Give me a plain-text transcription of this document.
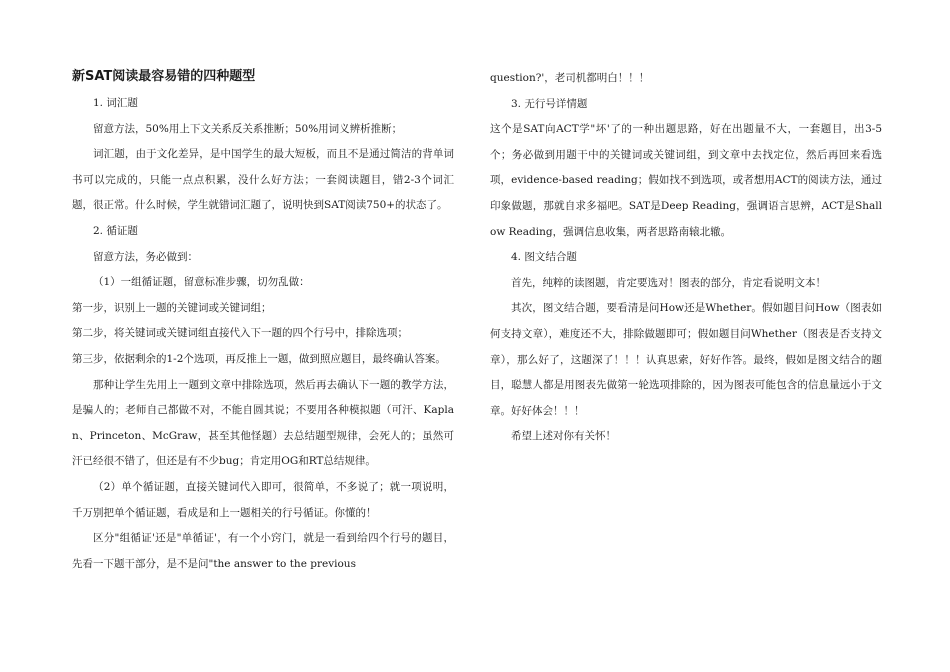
新SAT阅读最容易错的四种题型

1. 词汇题

留意方法，50%用上下文关系反关系推断；50%用词义辨析推断；

词汇题，由于文化差异，是中国学生的最大短板，而且不是通过简洁的背单词书可以完成的，只能一点点积累，没什么好方法；一套阅读题目，错2-3个词汇题，很正常。什么时候，学生就错词汇题了，说明快到SAT阅读750+的状态了。

2. 循证题

留意方法，务必做到：

（1）一组循证题，留意标准步骤，切勿乱做：

第一步，识别上一题的关键词或关键词组；

第二步，将关键词或关键词组直接代入下一题的四个行号中，排除选项；

第三步，依据剩余的1-2个选项，再反推上一题，做到照应题目，最终确认答案。

那种让学生先用上一题到文章中排除选项，然后再去确认下一题的教学方法，是骗人的；老师自己都做不对，不能自圆其说；不要用各种模拟题（可汗、Kaplan、Princeton、McGraw，甚至其他怪题）去总结题型规律，会死人的；虽然可汗已经很不错了，但还是有不少bug；肯定用OG和RT总结规律。

（2）单个循证题，直接关键词代入即可，很简单，不多说了；就一项说明，千万别把单个循证题，看成是和上一题相关的行号循证。你懂的！

区分"组循证'还是"单循证'，有一个小窍门，就是一看到给四个行号的题目，先看一下题干部分，是不是问"the answer to the previous

question?'，老司机都明白！！！

3. 无行号详情题

这个是SAT向ACT学"坏'了的一种出题思路，好在出题量不大，一套题目，出3-5个；务必做到用题干中的关键词或关键词组，到文章中去找定位，然后再回来看选项，evidence-based reading；假如找不到选项，或者想用ACT的阅读方法，通过印象做题，那就自求多福吧。SAT是Deep Reading，强调语言思辨，ACT是Shallow Reading，强调信息收集，两者思路南辕北辙。

4. 图文结合题

首先，纯粹的读图题，肯定要选对！图表的部分，肯定看说明文本！

其次，图文结合题，要看清是问How还是Whether。假如题目问How（图表如何支持文章），难度还不大，排除做题即可；假如题目问Whether（图表是否支持文章），那么好了，这题深了！！！认真思索，好好作答。最终，假如是图文结合的题目，聪慧人都是用图表先做第一轮选项排除的，因为图表可能包含的信息量远小于文章。好好体会！！！

希望上述对你有关怀！
